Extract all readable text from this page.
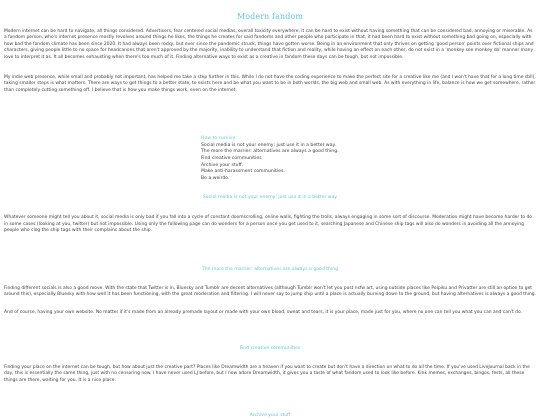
Modern fandom

Modern internet can be hard to navigate, all things considered. Advertisers, fear centered social medias, overall toxicity everywhere, it can be hard to exist without having something that can be considered bad, annoying or miserable. As a fandom person, who's internet presence mostly revolves around things he likes, the things he creates for said fandoms and other people who participate in that, it had been hard to exist without something bad going on, especially with how bad the fandom climate has been since 2020. It had always been rocky, but ever since the pandemic struck, things have gotten worse. Being in an environment that only thrives on getting 'good person' points over fictional ships and characters, giving people little to no space for headcanons that aren't approved by the majority, inability to understand that fiction and reality, while having an effect on each other, do not exist in a 'monkey see monkey do' manner many love to interpret it as. It all becomes exhausting when there's too much of it. Finding alternative ways to exist as a creative in fandom these days can be tough, but not impossible.

My indie web presence, while small and probably not important, has helped me take a step further in this. While I do not have the coding experience to make the perfect site for a creative like me (and I won't have that for a long time still), taking smaller steps is what matters. There are ways to get things to a better state, to exists here and be what you want to be in both worlds, the big web and small web. As with everything in life, balance is how we get somewhere, rather than completely cutting something off. I believe that is how you make things work, even on the internet.

How to survive:
Social media is not your enemy; just use it in a better way.
The more the marrier: alternatives are always a good thing.
Find creative communities
Archive your stuff.
Make anti-harassment communities.
Be a weirdo.
Social media is not your enemy; just use it in a better way

Whatever someone might tell you about it, social media is only bad if you fall into a cycle of constant doomscrolling, online walls, fighting the trolls, always engaging in some sort of discourse. Moderation might have become harder to do in some cases (looking at you, twitter) but not impossible. Using only the following page can do wonders for a person once you get used to it, searching Japanese and Chinese ship tags will also do wonders in avoiding all the annoying people who clog the ship tags with their complains about the ship.

The more the marrier: alternatives are always a good thing

Finding different socials is also a good move. With the state that Twitter is in, Bluesky and Tumblr are decent alternatives (although Tumblr won't let you post nsfw art, using outside places like Poipiku and Privatter are still an option to get around this), especially Bluesky with how well it has been functioning, with the great moderation and filtering. I will never say to jump ship until a place is actually burning down to the ground, but having alternatives is always a good thing.

And of course, having your own website. No matter if it's made from an already premade layout or made with your own blood, sweat and tears, it is your place, made just for you, where no one can tell you what you can and can't do.

Find creative communities

Finding your place on the internet can be tough, but how about just the creative part? Places like Dreamwidth are a heaven if you want to create but don't have a direction on what to do all the time. If you've used LiveJournal back in the day, this is essentially the same thing, just with no censoring now. I have never used LJ before, but I now adore Dreamwidth, it gives you a taste of what fandom used to look like before. Kink memes, exchanges, bingos, fests, all these things are there, waiting for you. It is a nice place.

Archive your stuff
